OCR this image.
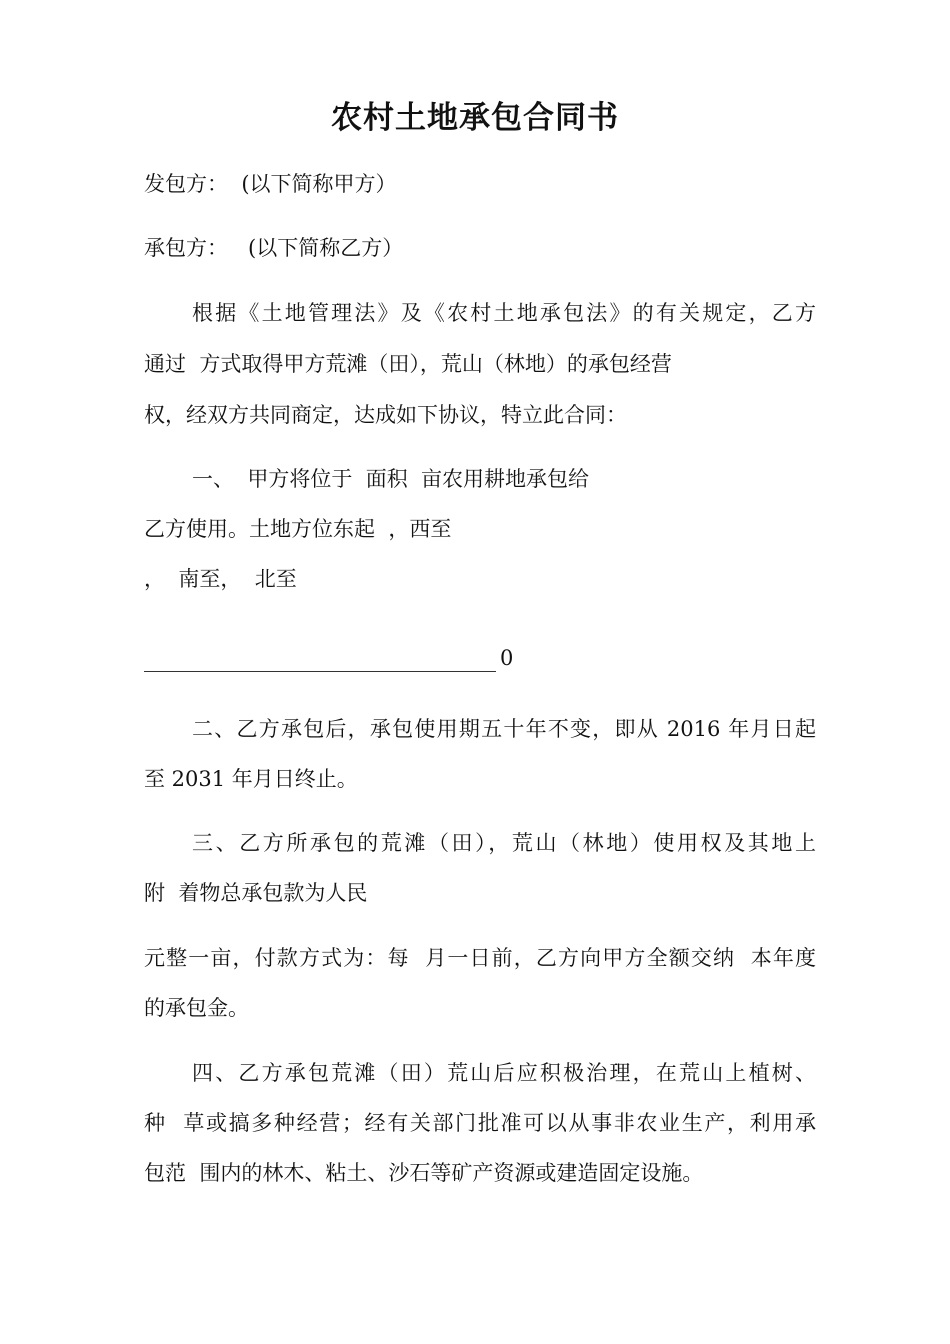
农村土地承包合同书
发包方：  (以下简称甲方）
承包方：   (以下简称乙方）
根据《土地管理法》及《农村土地承包法》的有关规定，乙方
通过  方式取得甲方荒滩（田），荒山（林地）的承包经营
权，经双方共同商定，达成如下协议，特立此合同：
一、  甲方将位于  面积  亩农用耕地承包给
乙方使用。土地方位东起  ，西至
，  南至，  北至
0
二、乙方承包后，承包使用期五十年不变，即从 2016 年月日起
至 2031 年月日终止。
三、乙方所承包的荒滩（田），荒山（林地）使用权及其地上
附  着物总承包款为人民
元整一亩，付款方式为：每  月一日前，乙方向甲方全额交纳  本年度
的承包金。
四、乙方承包荒滩（田）荒山后应积极治理，在荒山上植树、
种  草或搞多种经营；经有关部门批准可以从事非农业生产，利用承
包范  围内的林木、粘土、沙石等矿产资源或建造固定设施。
